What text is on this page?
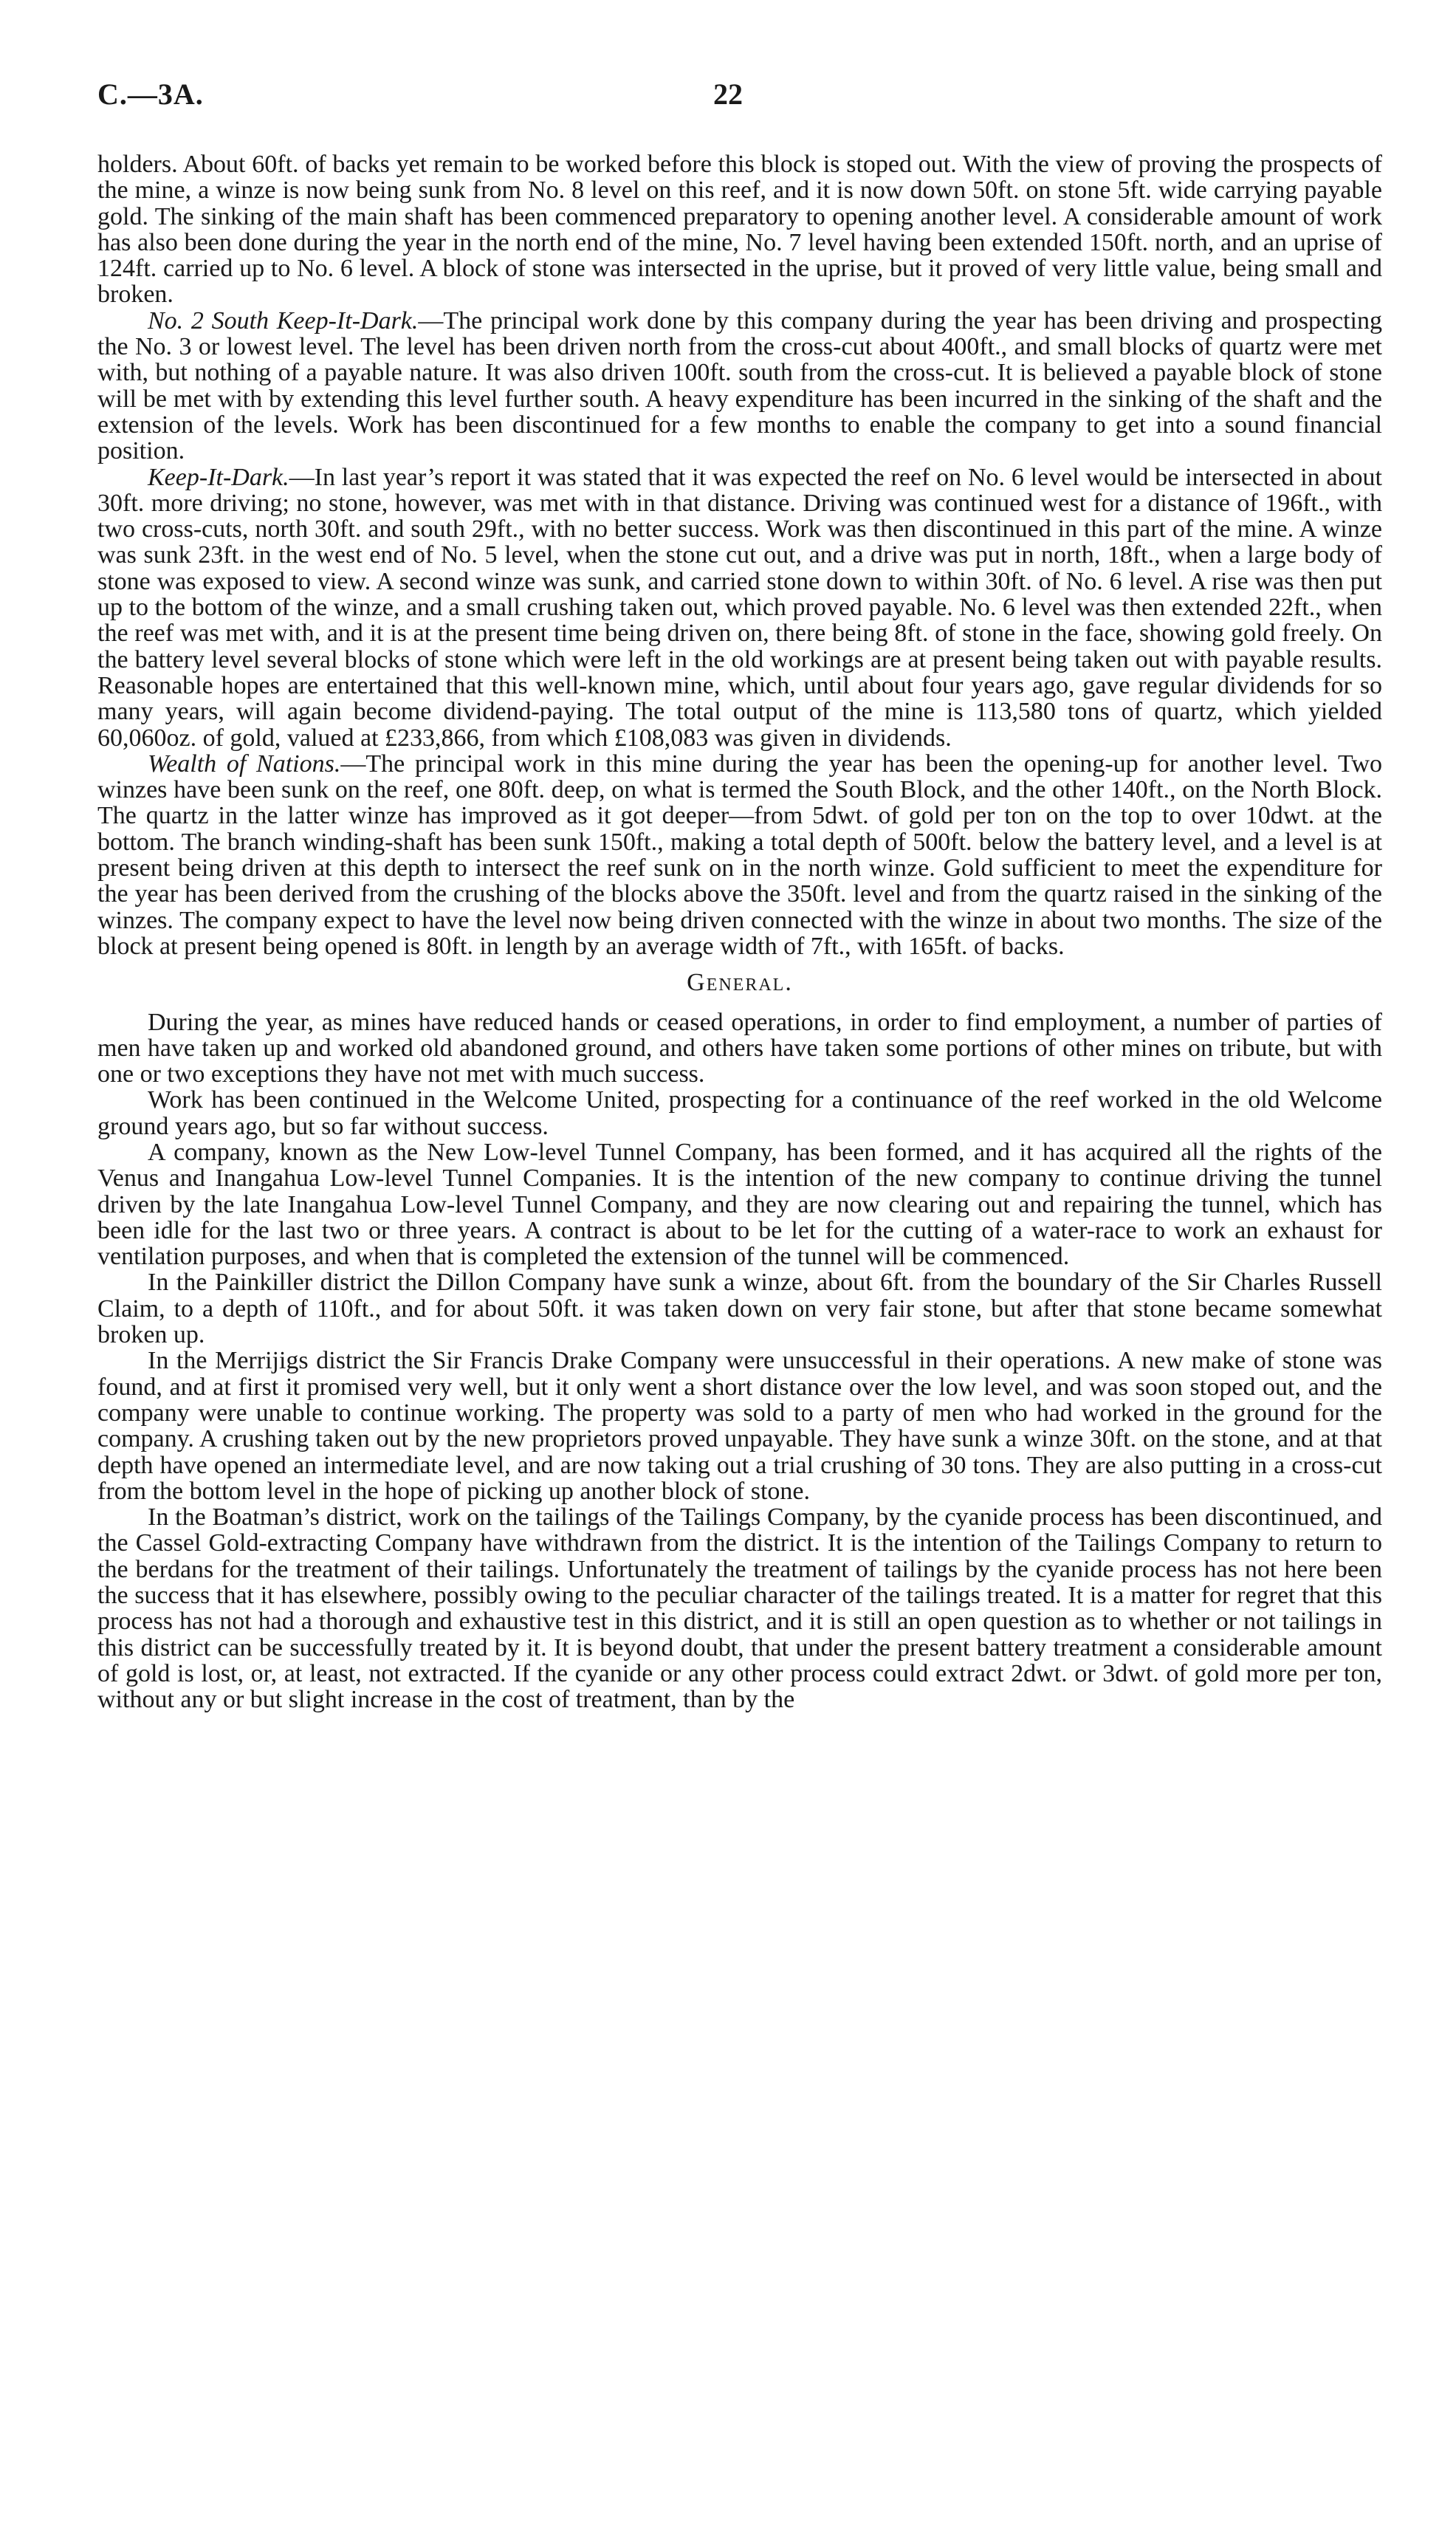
C.—3A.	22

holders. About 60ft. of backs yet remain to be worked before this block is stoped out. With the view of proving the prospects of the mine, a winze is now being sunk from No. 8 level on this reef, and it is now down 50ft. on stone 5ft. wide carrying payable gold. The sinking of the main shaft has been commenced preparatory to opening another level. A considerable amount of work has also been done during the year in the north end of the mine, No. 7 level having been extended 150ft. north, and an uprise of 124ft. carried up to No. 6 level. A block of stone was intersected in the uprise, but it proved of very little value, being small and broken.

No. 2 South Keep-It-Dark.—The principal work done by this company during the year has been driving and prospecting the No. 3 or lowest level. The level has been driven north from the cross-cut about 400ft., and small blocks of quartz were met with, but nothing of a payable nature. It was also driven 100ft. south from the cross-cut. It is believed a payable block of stone will be met with by extending this level further south. A heavy expenditure has been incurred in the sinking of the shaft and the extension of the levels. Work has been discontinued for a few months to enable the company to get into a sound financial position.

Keep-It-Dark.—In last year’s report it was stated that it was expected the reef on No. 6 level would be intersected in about 30ft. more driving; no stone, however, was met with in that distance. Driving was continued west for a distance of 196ft., with two cross-cuts, north 30ft. and south 29ft., with no better success. Work was then discontinued in this part of the mine. A winze was sunk 23ft. in the west end of No. 5 level, when the stone cut out, and a drive was put in north, 18ft., when a large body of stone was exposed to view. A second winze was sunk, and carried stone down to within 30ft. of No. 6 level. A rise was then put up to the bottom of the winze, and a small crushing taken out, which proved payable. No. 6 level was then extended 22ft., when the reef was met with, and it is at the present time being driven on, there being 8ft. of stone in the face, showing gold freely. On the battery level several blocks of stone which were left in the old workings are at present being taken out with payable results. Reasonable hopes are entertained that this well-known mine, which, until about four years ago, gave regular dividends for so many years, will again become dividend-paying. The total output of the mine is 113,580 tons of quartz, which yielded 60,060oz. of gold, valued at £233,866, from which £108,083 was given in dividends.

Wealth of Nations.—The principal work in this mine during the year has been the opening-up for another level. Two winzes have been sunk on the reef, one 80ft. deep, on what is termed the South Block, and the other 140ft., on the North Block. The quartz in the latter winze has improved as it got deeper—from 5dwt. of gold per ton on the top to over 10dwt. at the bottom. The branch winding-shaft has been sunk 150ft., making a total depth of 500ft. below the battery level, and a level is at present being driven at this depth to intersect the reef sunk on in the north winze. Gold sufficient to meet the expenditure for the year has been derived from the crushing of the blocks above the 350ft. level and from the quartz raised in the sinking of the winzes. The company expect to have the level now being driven connected with the winze in about two months. The size of the block at present being opened is 80ft. in length by an average width of 7ft., with 165ft. of backs.

General.

During the year, as mines have reduced hands or ceased operations, in order to find employment, a number of parties of men have taken up and worked old abandoned ground, and others have taken some portions of other mines on tribute, but with one or two exceptions they have not met with much success.

Work has been continued in the Welcome United, prospecting for a continuance of the reef worked in the old Welcome ground years ago, but so far without success.

A company, known as the New Low-level Tunnel Company, has been formed, and it has acquired all the rights of the Venus and Inangahua Low-level Tunnel Companies. It is the intention of the new company to continue driving the tunnel driven by the late Inangahua Low-level Tunnel Company, and they are now clearing out and repairing the tunnel, which has been idle for the last two or three years. A contract is about to be let for the cutting of a water-race to work an exhaust for ventilation purposes, and when that is completed the extension of the tunnel will be commenced.

In the Painkiller district the Dillon Company have sunk a winze, about 6ft. from the boundary of the Sir Charles Russell Claim, to a depth of 110ft., and for about 50ft. it was taken down on very fair stone, but after that stone became somewhat broken up.

In the Merrijigs district the Sir Francis Drake Company were unsuccessful in their operations. A new make of stone was found, and at first it promised very well, but it only went a short distance over the low level, and was soon stoped out, and the company were unable to continue working. The property was sold to a party of men who had worked in the ground for the company. A crushing taken out by the new proprietors proved unpayable. They have sunk a winze 30ft. on the stone, and at that depth have opened an intermediate level, and are now taking out a trial crushing of 30 tons. They are also putting in a cross-cut from the bottom level in the hope of picking up another block of stone.

In the Boatman’s district, work on the tailings of the Tailings Company, by the cyanide process has been discontinued, and the Cassel Gold-extracting Company have withdrawn from the district. It is the intention of the Tailings Company to return to the berdans for the treatment of their tailings. Unfortunately the treatment of tailings by the cyanide process has not here been the success that it has elsewhere, possibly owing to the peculiar character of the tailings treated. It is a matter for regret that this process has not had a thorough and exhaustive test in this district, and it is still an open question as to whether or not tailings in this district can be successfully treated by it. It is beyond doubt, that under the present battery treatment a considerable amount of gold is lost, or, at least, not extracted. If the cyanide or any other process could extract 2dwt. or 3dwt. of gold more per ton, without any or but slight increase in the cost of treatment, than by the
